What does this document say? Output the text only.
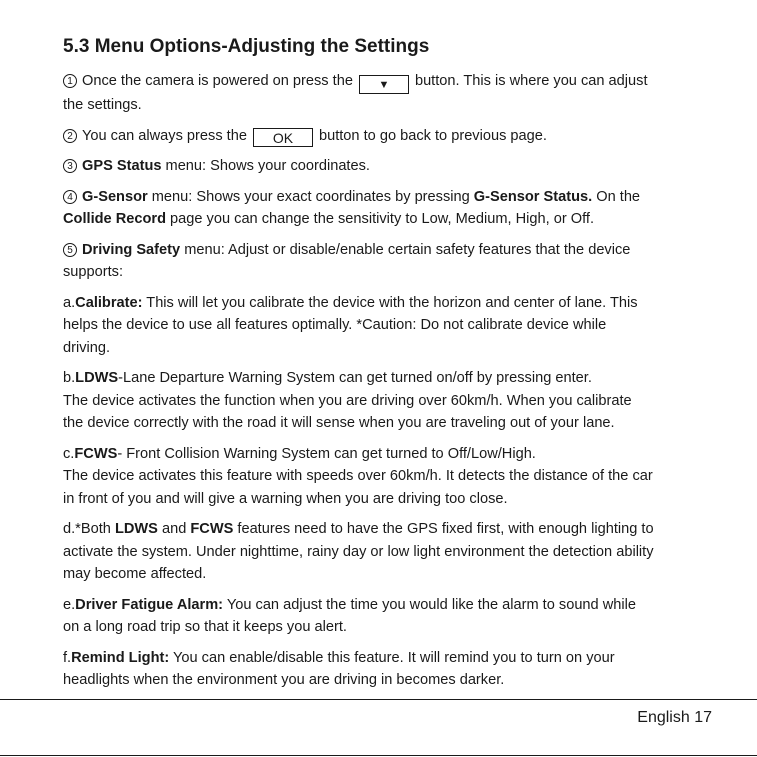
5.3 Menu Options-Adjusting the Settings

1 Once the camera is powered on press the ▼ button. This is where you can adjust
the settings.

2 You can always press the OK button to go back to previous page.

3 GPS Status menu: Shows your coordinates.

4 G-Sensor menu: Shows your exact coordinates by pressing G-Sensor Status. On the
Collide Record page you can change the sensitivity to Low, Medium, High, or Off.

5 Driving Safety menu: Adjust or disable/enable certain safety features that the device
supports:

a.Calibrate: This will let you calibrate the device with the horizon and center of lane. This
helps the device to use all features optimally. *Caution: Do not calibrate device while
driving.

b.LDWS-Lane Departure Warning System can get turned on/off by pressing enter.
The device activates the function when you are driving over 60km/h. When you calibrate
the device correctly with the road it will sense when you are traveling out of your lane.

c.FCWS- Front Collision Warning System can get turned to Off/Low/High.
The device activates this feature with speeds over 60km/h. It detects the distance of the car
in front of you and will give a warning when you are driving too close.

d.*Both LDWS and FCWS features need to have the GPS fixed first, with enough lighting to
activate the system. Under nighttime, rainy day or low light environment the detection ability
may become affected.

e.Driver Fatigue Alarm: You can adjust the time you would like the alarm to sound while
on a long road trip so that it keeps you alert.

f.Remind Light: You can enable/disable this feature. It will remind you to turn on your
headlights when the environment you are driving in becomes darker.

English 17
